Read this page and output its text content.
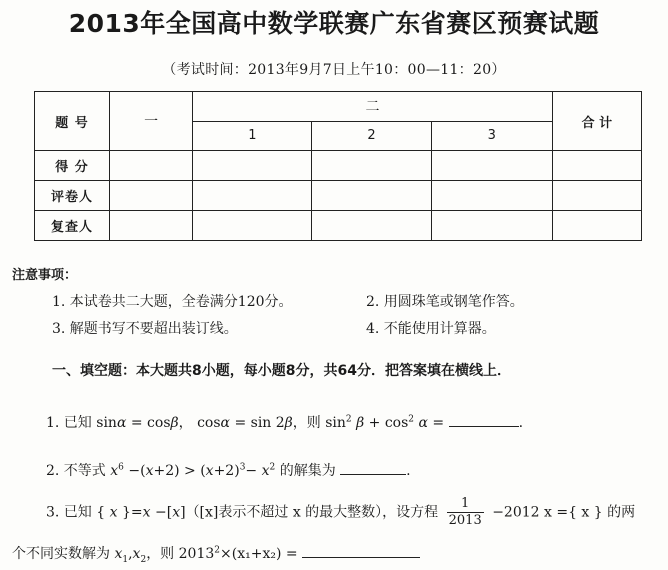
2013年全国高中数学联赛广东省赛区预赛试题
（考试时间：2013年9月7日上午10：00—11：20）
题 号	一	二			合 计
		1	2	3	
得 分					
评卷人					
复查人					
注意事项：
1. 本试卷共二大题，全卷满分120分。	2. 用圆珠笔或钢笔作答。
3. 解题书写不要超出装订线。	4. 不能使用计算器。
一、填空题：本大题共8小题，每小题8分，共64分．把答案填在横线上．
1. 已知 sinα = cosβ， cosα = sin 2β，则 $\sin^2 \beta + \cos^2 \alpha$ =	.
2. 不等式 $x^6 -(x+2) > (x+2)^3- x^2$ 的解集为	.
3. 已知 { x }=x −[x]（[x]表示不超过 x 的最大整数），设方程 $\frac{1}{2013} -2012$ x ={ x } 的两
个不同实数解为 $x_1,x_2$，则 $2013^2\times(x_1+x_2)$ =
